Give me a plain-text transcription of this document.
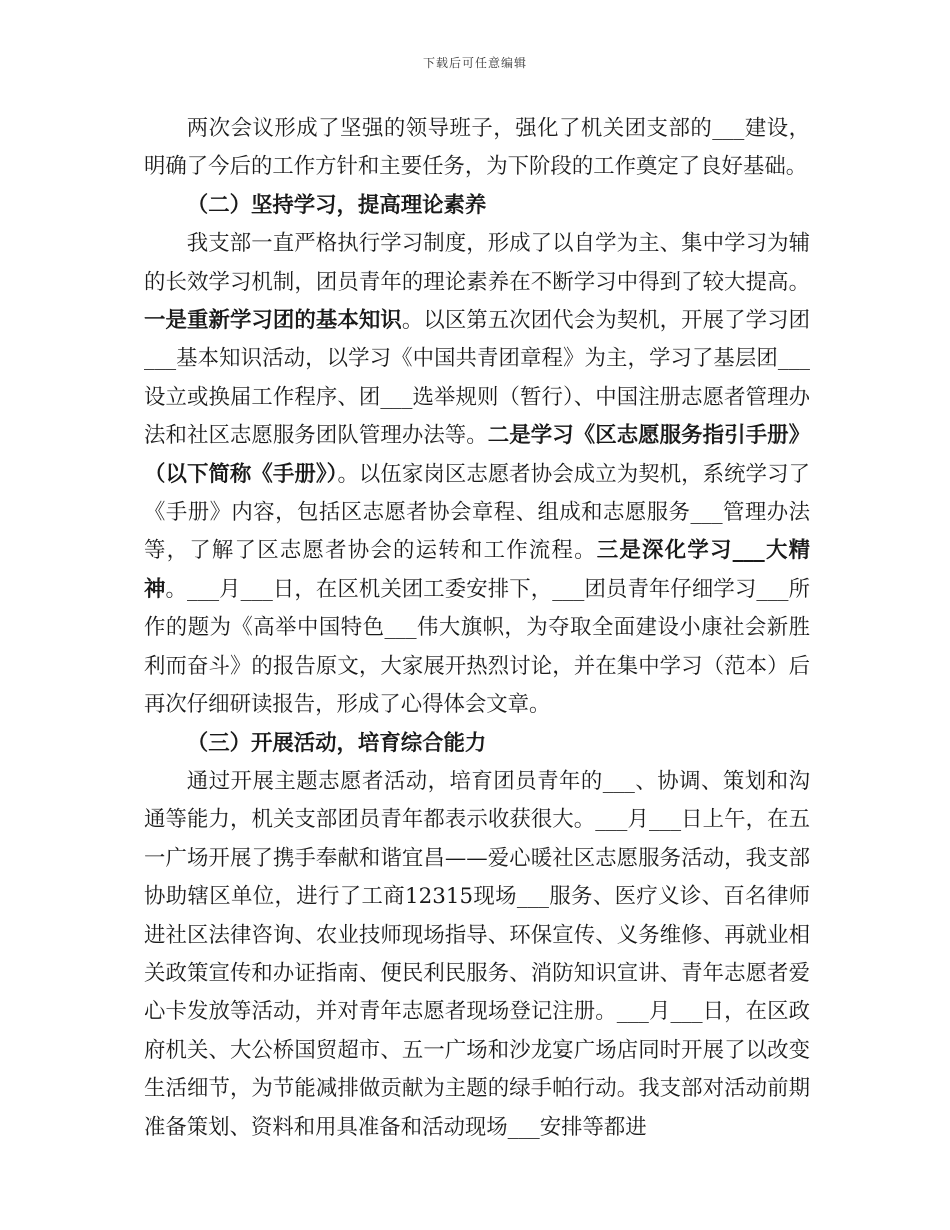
下载后可任意编辑

两次会议形成了坚强的领导班子，强化了机关团支部的___建设，明确了今后的工作方针和主要任务，为下阶段的工作奠定了良好基础。

（二）坚持学习，提高理论素养

我支部一直严格执行学习制度，形成了以自学为主、集中学习为辅的长效学习机制，团员青年的理论素养在不断学习中得到了较大提高。一是重新学习团的基本知识。以区第五次团代会为契机，开展了学习团___基本知识活动，以学习《中国共青团章程》为主，学习了基层团___设立或换届工作程序、团___选举规则（暂行）、中国注册志愿者管理办法和社区志愿服务团队管理办法等。二是学习《区志愿服务指引手册》（以下简称《手册》）。以伍家岗区志愿者协会成立为契机，系统学习了《手册》内容，包括区志愿者协会章程、组成和志愿服务___管理办法等，了解了区志愿者协会的运转和工作流程。三是深化学习___大精神。___月___日，在区机关团工委安排下，___团员青年仔细学习___所作的题为《高举中国特色___伟大旗帜，为夺取全面建设小康社会新胜利而奋斗》的报告原文，大家展开热烈讨论，并在集中学习（范本）后再次仔细研读报告，形成了心得体会文章。

（三）开展活动，培育综合能力

通过开展主题志愿者活动，培育团员青年的___、协调、策划和沟通等能力，机关支部团员青年都表示收获很大。___月___日上午，在五一广场开展了携手奉献和谐宜昌——爱心暖社区志愿服务活动，我支部协助辖区单位，进行了工商12315现场___服务、医疗义诊、百名律师进社区法律咨询、农业技师现场指导、环保宣传、义务维修、再就业相关政策宣传和办证指南、便民利民服务、消防知识宣讲、青年志愿者爱心卡发放等活动，并对青年志愿者现场登记注册。___月___日，在区政府机关、大公桥国贸超市、五一广场和沙龙宴广场店同时开展了以改变生活细节，为节能减排做贡献为主题的绿手帕行动。我支部对活动前期准备策划、资料和用具准备和活动现场___安排等都进
